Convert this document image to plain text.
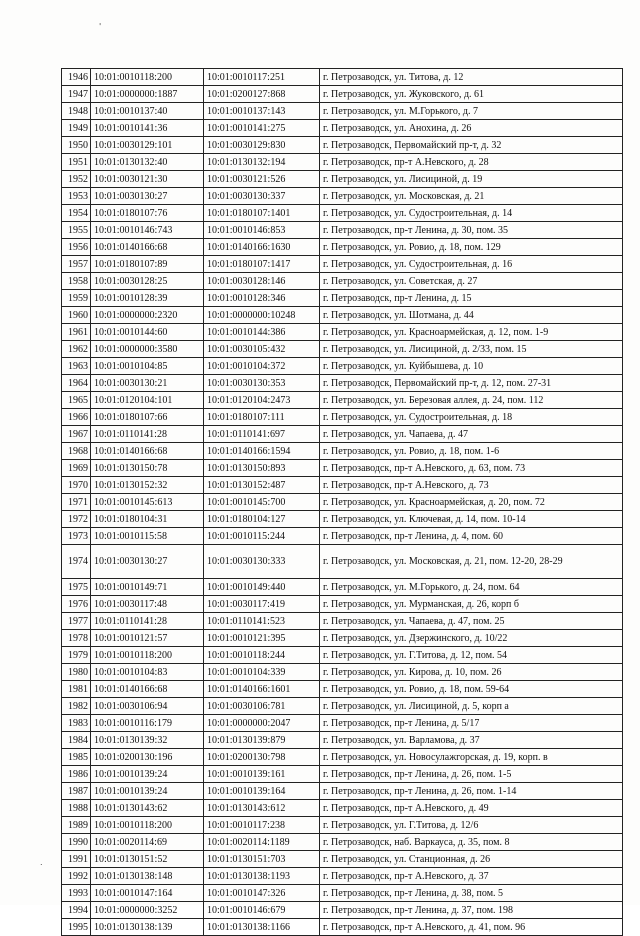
'
.
1946	10:01:0010118:200	10:01:0010117:251	г. Петрозаводск, ул. Титова, д. 12
1947	10:01:0000000:1887	10:01:0200127:868	г. Петрозаводск, ул. Жуковского, д. 61
1948	10:01:0010137:40	10:01:0010137:143	г. Петрозаводск, ул. М.Горького, д. 7
1949	10:01:0010141:36	10:01:0010141:275	г. Петрозаводск, ул. Анохина, д. 26
1950	10:01:0030129:101	10:01:0030129:830	г. Петрозаводск, Первомайский пр-т, д. 32
1951	10:01:0130132:40	10:01:0130132:194	г. Петрозаводск, пр-т А.Невского, д. 28
1952	10:01:0030121:30	10:01:0030121:526	г. Петрозаводск, ул. Лисициной, д. 19
1953	10:01:0030130:27	10:01:0030130:337	г. Петрозаводск, ул. Московская, д. 21
1954	10:01:0180107:76	10:01:0180107:1401	г. Петрозаводск, ул. Судостроительная, д. 14
1955	10:01:0010146:743	10:01:0010146:853	г. Петрозаводск, пр-т Ленина, д. 30, пом. 35
1956	10:01:0140166:68	10:01:0140166:1630	г. Петрозаводск, ул. Ровио, д. 18, пом. 129
1957	10:01:0180107:89	10:01:0180107:1417	г. Петрозаводск, ул. Судостроительная, д. 16
1958	10:01:0030128:25	10:01:0030128:146	г. Петрозаводск, ул. Советская, д. 27
1959	10:01:0010128:39	10:01:0010128:346	г. Петрозаводск, пр-т Ленина, д. 15
1960	10:01:0000000:2320	10:01:0000000:10248	г. Петрозаводск, ул. Шотмана, д. 44
1961	10:01:0010144:60	10:01:0010144:386	г. Петрозаводск, ул. Красноармейская, д. 12, пом. 1-9
1962	10:01:0000000:3580	10:01:0030105:432	г. Петрозаводск, ул. Лисициной, д. 2/33, пом. 15
1963	10:01:0010104:85	10:01:0010104:372	г. Петрозаводск, ул. Куйбышева, д. 10
1964	10:01:0030130:21	10:01:0030130:353	г. Петрозаводск, Первомайский пр-т, д. 12, пом. 27-31
1965	10:01:0120104:101	10:01:0120104:2473	г. Петрозаводск, ул. Березовая аллея, д. 24, пом. 112
1966	10:01:0180107:66	10:01:0180107:111	г. Петрозаводск, ул. Судостроительная, д. 18
1967	10:01:0110141:28	10:01:0110141:697	г. Петрозаводск, ул. Чапаева, д. 47
1968	10:01:0140166:68	10:01:0140166:1594	г. Петрозаводск, ул. Ровио, д. 18, пом. 1-6
1969	10:01:0130150:78	10:01:0130150:893	г. Петрозаводск, пр-т А.Невского, д. 63, пом. 73
1970	10:01:0130152:32	10:01:0130152:487	г. Петрозаводск, пр-т А.Невского, д. 73
1971	10:01:0010145:613	10:01:0010145:700	г. Петрозаводск, ул. Красноармейская, д. 20, пом. 72
1972	10:01:0180104:31	10:01:0180104:127	г. Петрозаводск, ул. Ключевая, д. 14, пом. 10-14
1973	10:01:0010115:58	10:01:0010115:244	г. Петрозаводск, пр-т Ленина, д. 4, пом. 60
1974	10:01:0030130:27	10:01:0030130:333	г. Петрозаводск, ул. Московская, д. 21, пом. 12-20, 28-29
1975	10:01:0010149:71	10:01:0010149:440	г. Петрозаводск, ул. М.Горького, д. 24, пом. 64
1976	10:01:0030117:48	10:01:0030117:419	г. Петрозаводск, ул. Мурманская, д. 26, корп б
1977	10:01:0110141:28	10:01:0110141:523	г. Петрозаводск, ул. Чапаева, д. 47, пом. 25
1978	10:01:0010121:57	10:01:0010121:395	г. Петрозаводск, ул. Дзержинского, д. 10/22
1979	10:01:0010118:200	10:01:0010118:244	г. Петрозаводск, ул. Г.Титова, д. 12, пом. 54
1980	10:01:0010104:83	10:01:0010104:339	г. Петрозаводск, ул. Кирова, д. 10, пом. 26
1981	10:01:0140166:68	10:01:0140166:1601	г. Петрозаводск, ул. Ровио, д. 18, пом. 59-64
1982	10:01:0030106:94	10:01:0030106:781	г. Петрозаводск, ул. Лисициной, д. 5, корп а
1983	10:01:0010116:179	10:01:0000000:2047	г. Петрозаводск, пр-т Ленина, д. 5/17
1984	10:01:0130139:32	10:01:0130139:879	г. Петрозаводск, ул. Варламова, д. 37
1985	10:01:0200130:196	10:01:0200130:798	г. Петрозаводск, ул. Новосулажгорская, д. 19, корп. в
1986	10:01:0010139:24	10:01:0010139:161	г. Петрозаводск, пр-т Ленина, д. 26, пом. 1-5
1987	10:01:0010139:24	10:01:0010139:164	г. Петрозаводск, пр-т Ленина, д. 26, пом. 1-14
1988	10:01:0130143:62	10:01:0130143:612	г. Петрозаводск, пр-т А.Невского, д. 49
1989	10:01:0010118:200	10:01:0010117:238	г. Петрозаводск, ул. Г.Титова, д. 12/6
1990	10:01:0020114:69	10:01:0020114:1189	г. Петрозаводск, наб. Варкауса, д. 35, пом. 8
1991	10:01:0130151:52	10:01:0130151:703	г. Петрозаводск, ул. Станционная, д. 26
1992	10:01:0130138:148	10:01:0130138:1193	г. Петрозаводск, пр-т А.Невского, д. 37
1993	10:01:0010147:164	10:01:0010147:326	г. Петрозаводск, пр-т Ленина, д. 38, пом. 5
1994	10:01:0000000:3252	10:01:0010146:679	г. Петрозаводск, пр-т Ленина, д. 37, пом. 198
1995	10:01:0130138:139	10:01:0130138:1166	г. Петрозаводск, пр-т А.Невского, д. 41, пом. 96
